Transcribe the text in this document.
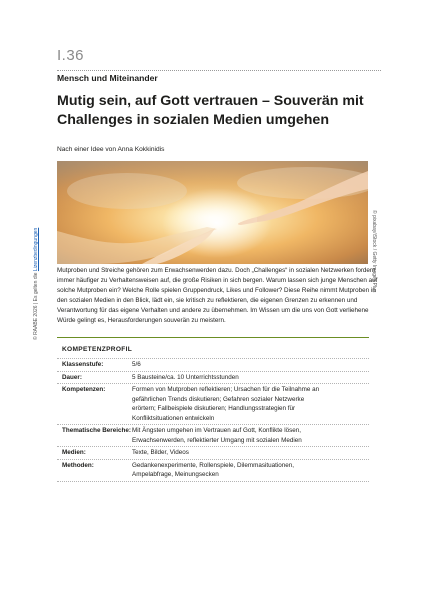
I.36
Mensch und Miteinander
Mutig sein, auf Gott vertrauen – Souverän mit Challenges in sozialen Medien umgehen
Nach einer Idee von Anna Kokkinidis
© RAABE 2026 | Es gelten die Lizenzbedingungen	© pixabay/iStock / Getty Images Plus

Mutproben und Streiche gehören zum Erwachsenwerden dazu. Doch „Challenges“ in sozialen Netzwerken fordern immer häufiger zu Verhaltensweisen auf, die große Risiken in sich bergen. Warum lassen sich junge Menschen auf solche Mutproben ein? Welche Rolle spielen Gruppendruck, Likes und Follower? Diese Reihe nimmt Mutproben in den sozialen Medien in den Blick, lädt ein, sie kritisch zu reflektieren, die eigenen Grenzen zu erkennen und Verantwortung für das eigene Verhalten und andere zu übernehmen. Im Wissen um die uns von Gott verliehene Würde gelingt es, Herausforderungen souverän zu meistern.

KOMPETENZPROFIL
Klassenstufe:	5/6
Dauer:	5 Bausteine/ca. 10 Unterrichtsstunden
Kompetenzen:	Formen von Mutproben reflektieren; Ursachen für die Teilnahme an gefährlichen Trends diskutieren; Gefahren sozialer Netzwerke erörtern; Fallbeispiele diskutieren; Handlungsstrategien für Konfliktsituationen entwickeln
Thematische Bereiche: Mit Ängsten umgehen im Vertrauen auf Gott, Konflikte lösen, Erwachsenwerden, reflektierter Umgang mit sozialen Medien
Medien:	Texte, Bilder, Videos
Methoden:	Gedankenexperimente, Rollenspiele, Dilemmasituationen, Ampelabfrage, Meinungsecken
